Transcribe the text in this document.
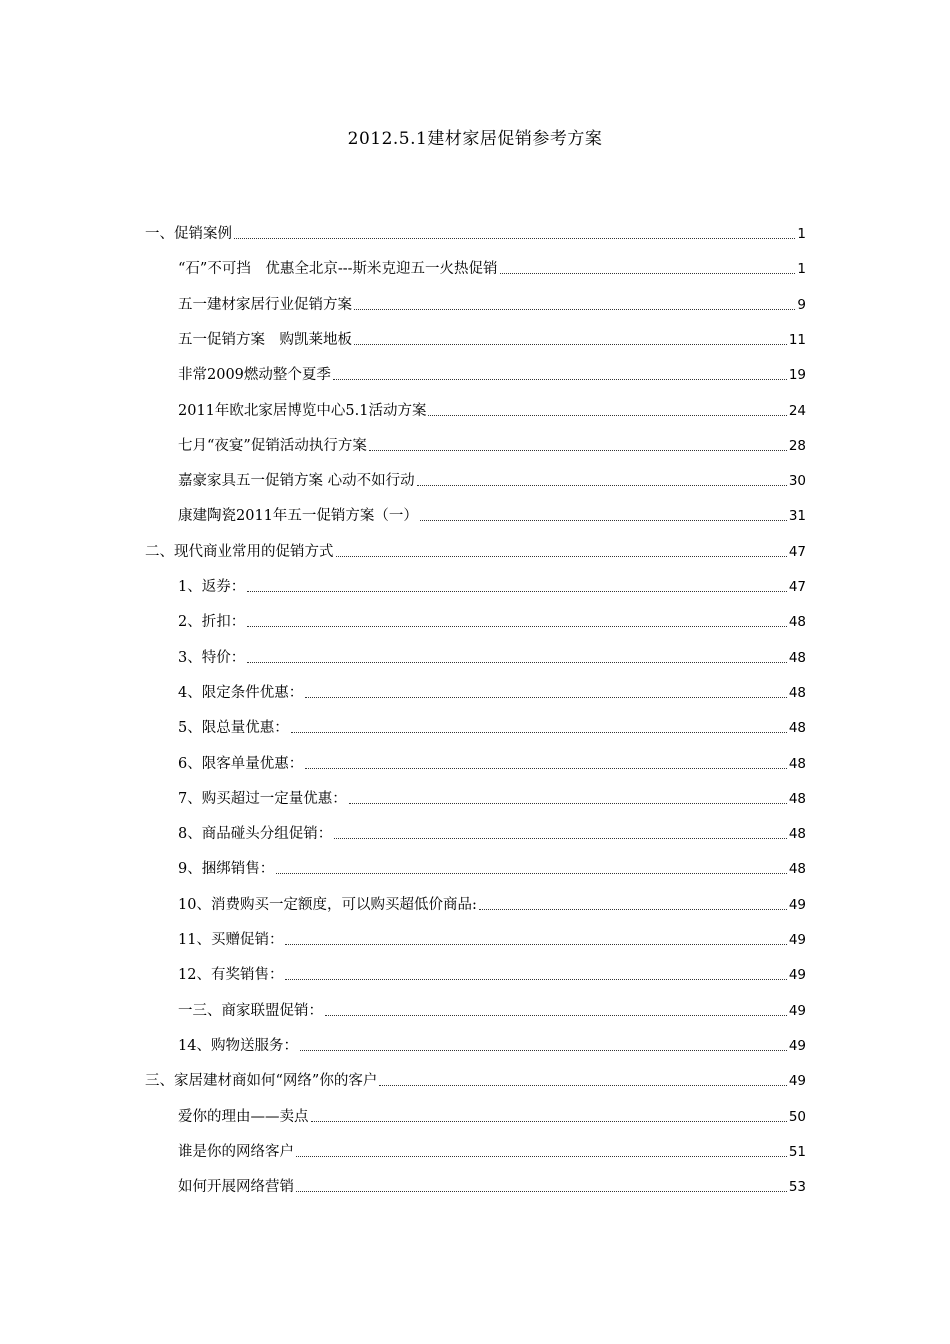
2012.5.1建材家居促销参考方案
一、促销案例	1
“石”不可挡　优惠全北京---斯米克迎五一火热促销	1
五一建材家居行业促销方案	9
五一促销方案　购凯莱地板	11
非常2009燃动整个夏季	19
2011年欧北家居博览中心5.1活动方案	24
七月“夜宴”促销活动执行方案	28
嘉豪家具五一促销方案 心动不如行动	30
康建陶瓷2011年五一促销方案（一）	31
二、现代商业常用的促销方式	47
1、返券：	47
2、折扣：	48
3、特价：	48
4、限定条件优惠：	48
5、限总量优惠：	48
6、限客单量优惠：	48
7、购买超过一定量优惠：	48
8、商品碰头分组促销：	48
9、捆绑销售：	48
10、消费购买一定额度，可以购买超低价商品:	49
11、买赠促销：	49
12、有奖销售：	49
一三、商家联盟促销：	49
14、购物送服务：	49
三、家居建材商如何“网络”你的客户	49
爱你的理由——卖点	50
谁是你的网络客户	51
如何开展网络营销	53
